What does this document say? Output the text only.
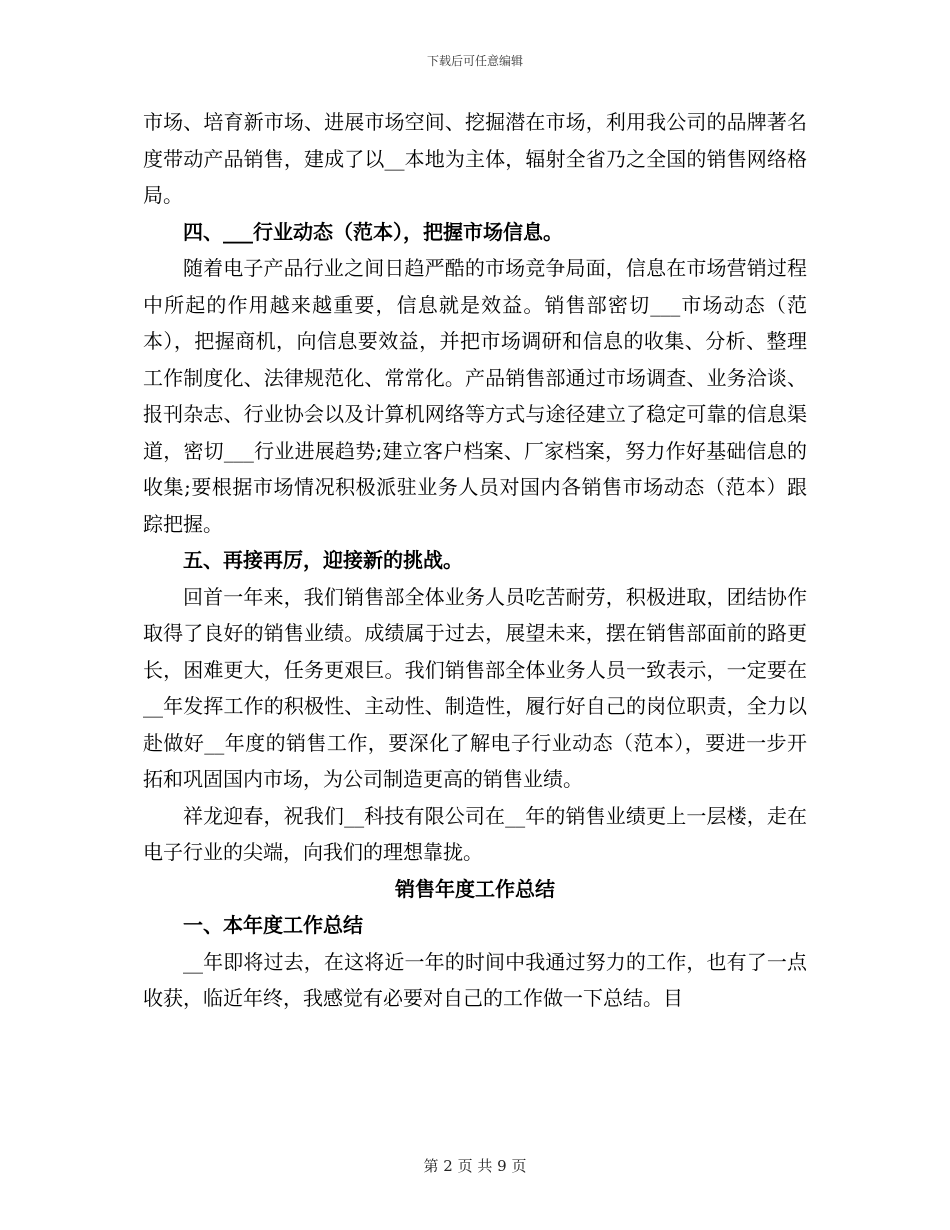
下载后可任意编辑

市场、培育新市场、进展市场空间、挖掘潜在市场，利用我公司的品牌著名度带动产品销售，建成了以__本地为主体，辐射全省乃之全国的销售网络格局。

四、___行业动态（范本），把握市场信息。

随着电子产品行业之间日趋严酷的市场竞争局面，信息在市场营销过程中所起的作用越来越重要，信息就是效益。销售部密切___市场动态（范本），把握商机，向信息要效益，并把市场调研和信息的收集、分析、整理工作制度化、法律规范化、常常化。产品销售部通过市场调查、业务洽谈、报刊杂志、行业协会以及计算机网络等方式与途径建立了稳定可靠的信息渠道，密切___行业进展趋势;建立客户档案、厂家档案，努力作好基础信息的收集;要根据市场情况积极派驻业务人员对国内各销售市场动态（范本）跟踪把握。

五、再接再厉，迎接新的挑战。

回首一年来，我们销售部全体业务人员吃苦耐劳，积极进取，团结协作取得了良好的销售业绩。成绩属于过去，展望未来，摆在销售部面前的路更长，困难更大，任务更艰巨。我们销售部全体业务人员一致表示，一定要在__年发挥工作的积极性、主动性、制造性，履行好自己的岗位职责，全力以赴做好__年度的销售工作，要深化了解电子行业动态（范本），要进一步开拓和巩固国内市场，为公司制造更高的销售业绩。

祥龙迎春，祝我们__科技有限公司在__年的销售业绩更上一层楼，走在电子行业的尖端，向我们的理想靠拢。

销售年度工作总结

一、本年度工作总结

__年即将过去，在这将近一年的时间中我通过努力的工作，也有了一点收获，临近年终，我感觉有必要对自己的工作做一下总结。目

第 2 页 共 9 页
